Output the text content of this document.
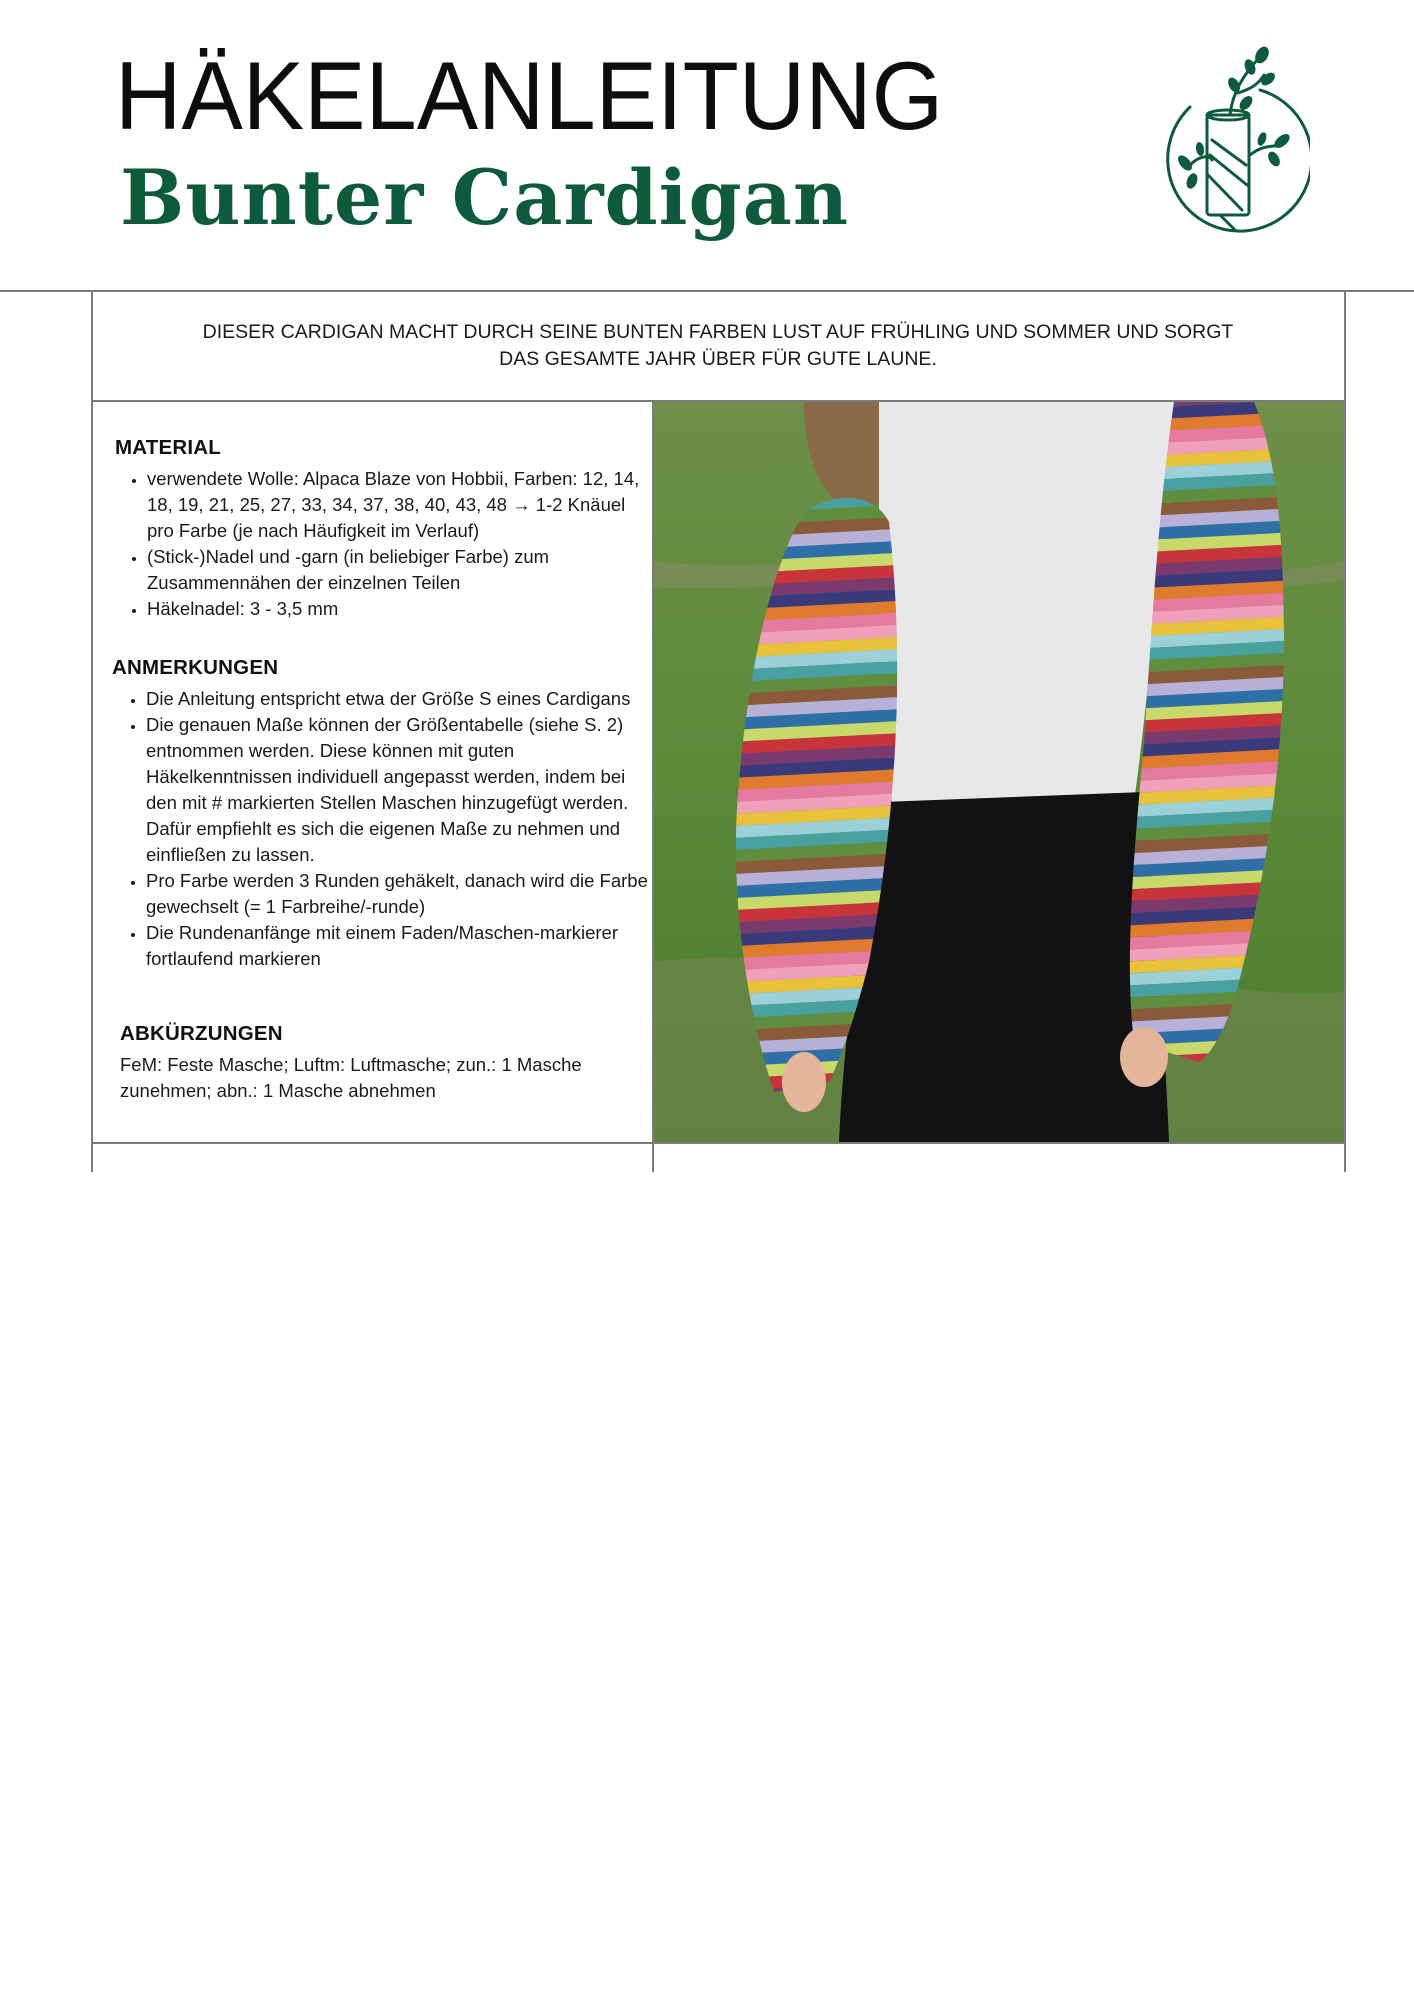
HÄKELANLEITUNG
Bunter Cardigan

DIESER CARDIGAN MACHT DURCH SEINE BUNTEN FARBEN LUST AUF FRÜHLING UND SOMMER UND SORGT DAS GESAMTE JAHR ÜBER FÜR GUTE LAUNE.

MATERIAL
• verwendete Wolle: Alpaca Blaze von Hobbii, Farben: 12, 14, 18, 19, 21, 25, 27, 33, 34, 37, 38, 40, 43, 48 → 1-2 Knäuel pro Farbe (je nach Häufigkeit im Verlauf)
• (Stick-)Nadel und -garn (in beliebiger Farbe) zum Zusammennähen der einzelnen Teilen
• Häkelnadel: 3 - 3,5 mm
ANMERKUNGEN
• Die Anleitung entspricht etwa der Größe S eines Cardigans
• Die genauen Maße können der Größentabelle (siehe S. 2) entnommen werden. Diese können mit guten Häkelkenntnissen individuell angepasst werden, indem bei den mit # markierten Stellen Maschen hinzugefügt werden. Dafür empfiehlt es sich die eigenen Maße zu nehmen und einfließen zu lassen.
• Pro Farbe werden 3 Runden gehäkelt, danach wird die Farbe gewechselt (= 1 Farbreihe/-runde)
• Die Rundenanfänge mit einem Faden/Maschen-markierer fortlaufend markieren
ABKÜRZUNGEN

FeM: Feste Masche; Luftm: Luftmasche; zun.: 1 Masche zunehmen; abn.: 1 Masche abnehmen
